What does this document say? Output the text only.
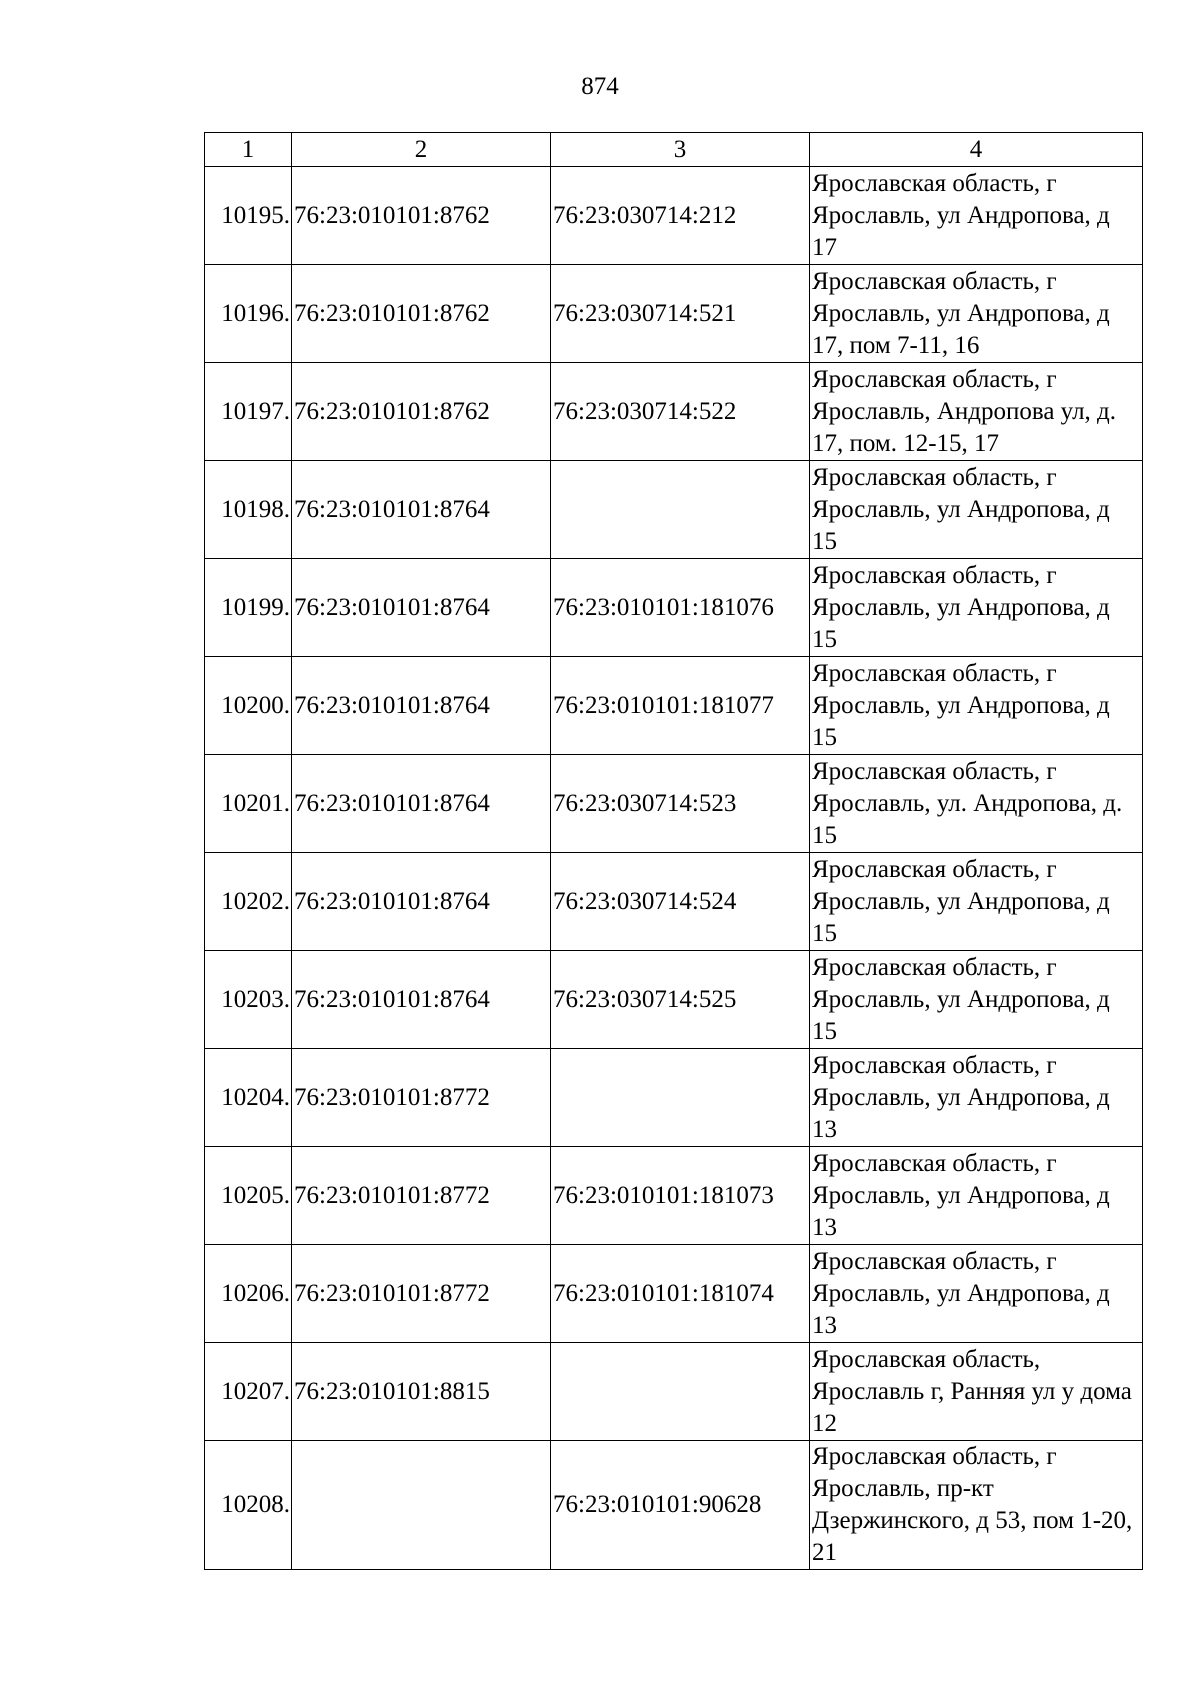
874
1	2	3	4
10195.	76:23:010101:8762	76:23:030714:212	Ярославская область, г Ярославль, ул Андропова, д 17
10196.	76:23:010101:8762	76:23:030714:521	Ярославская область, г Ярославль, ул Андропова, д 17, пом 7-11, 16
10197.	76:23:010101:8762	76:23:030714:522	Ярославская область, г Ярославль, Андропова ул, д. 17, пом. 12-15, 17
10198.	76:23:010101:8764		Ярославская область, г Ярославль, ул Андропова, д 15
10199.	76:23:010101:8764	76:23:010101:181076	Ярославская область, г Ярославль, ул Андропова, д 15
10200.	76:23:010101:8764	76:23:010101:181077	Ярославская область, г Ярославль, ул Андропова, д 15
10201.	76:23:010101:8764	76:23:030714:523	Ярославская область, г Ярославль, ул. Андропова, д. 15
10202.	76:23:010101:8764	76:23:030714:524	Ярославская область, г Ярославль, ул Андропова, д 15
10203.	76:23:010101:8764	76:23:030714:525	Ярославская область, г Ярославль, ул Андропова, д 15
10204.	76:23:010101:8772		Ярославская область, г Ярославль, ул Андропова, д 13
10205.	76:23:010101:8772	76:23:010101:181073	Ярославская область, г Ярославль, ул Андропова, д 13
10206.	76:23:010101:8772	76:23:010101:181074	Ярославская область, г Ярославль, ул Андропова, д 13
10207.	76:23:010101:8815		Ярославская область, Ярославль г, Ранняя ул у дома 12
10208.		76:23:010101:90628	Ярославская область, г Ярославль, пр-кт Дзержинского, д 53, пом 1-20, 21
